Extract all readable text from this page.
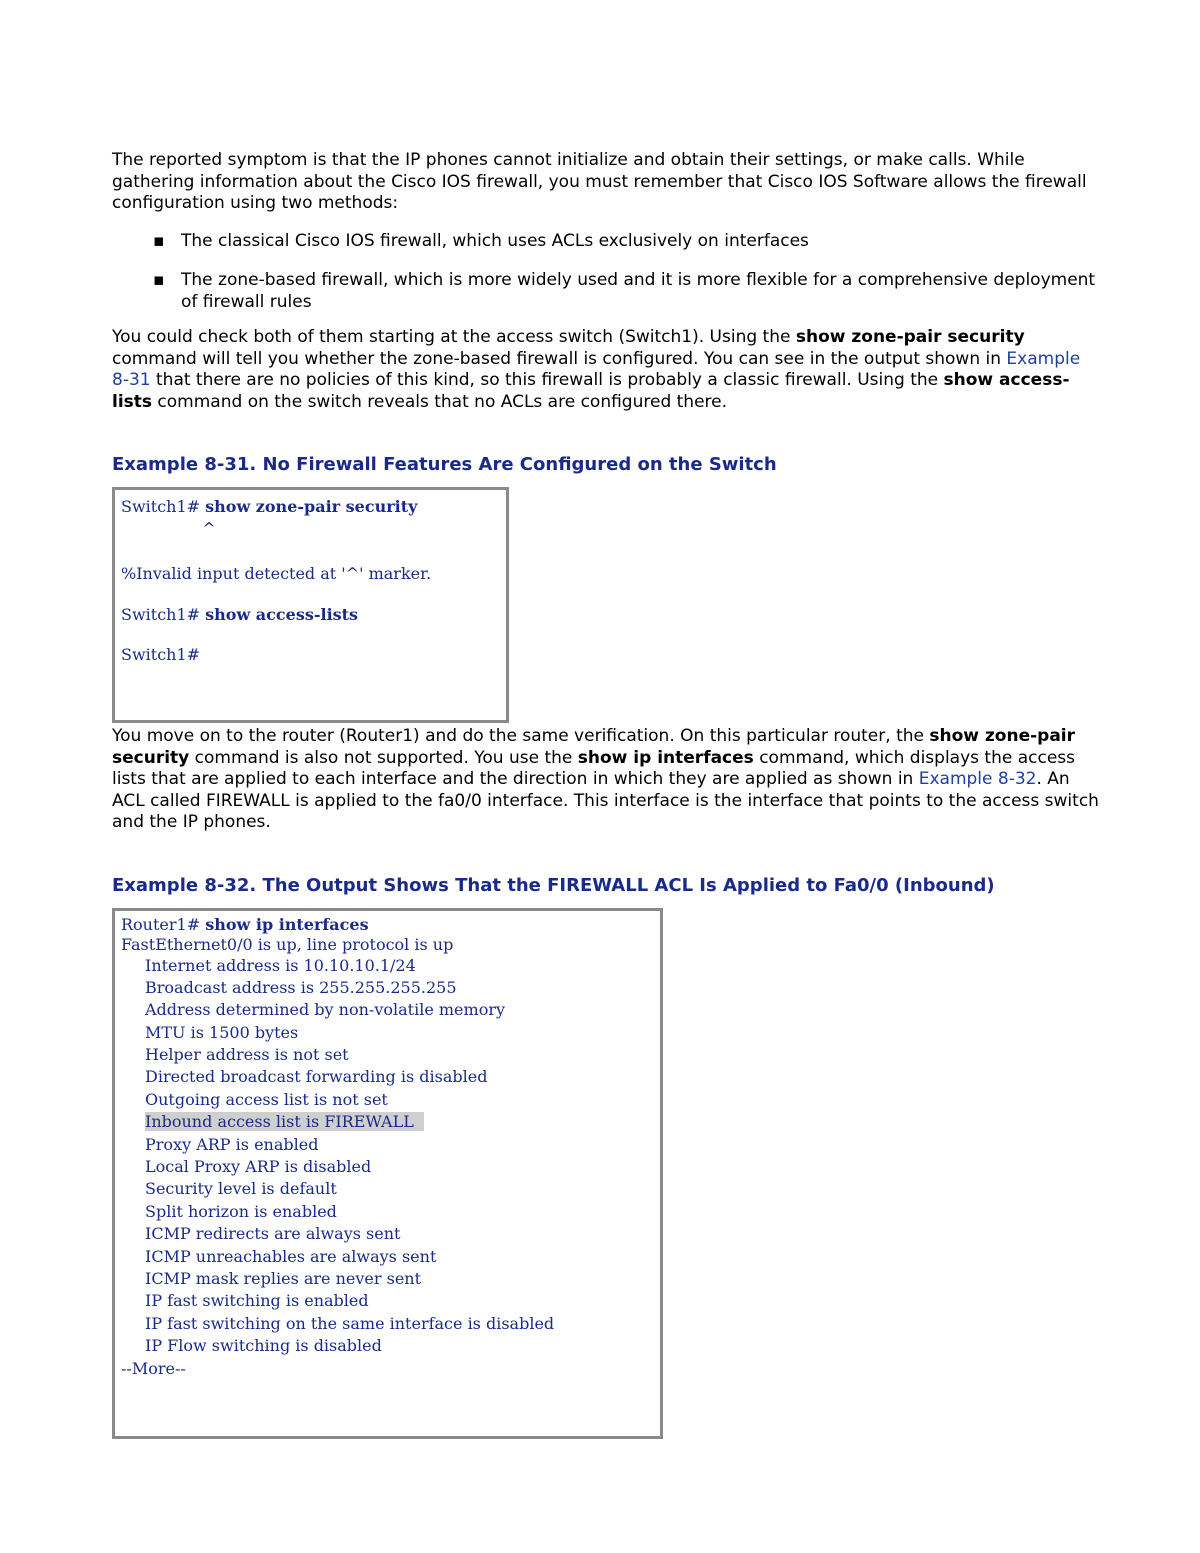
The reported symptom is that the IP phones cannot initialize and obtain their settings, or make calls. While gathering information about the Cisco IOS firewall, you must remember that Cisco IOS Software allows the firewall configuration using two methods:

▪ The classical Cisco IOS firewall, which uses ACLs exclusively on interfaces
▪ The zone-based firewall, which is more widely used and it is more flexible for a comprehensive deployment of firewall rules

You could check both of them starting at the access switch (Switch1). Using the show zone-pair security command will tell you whether the zone-based firewall is configured. You can see in the output shown in Example 8-31 that there are no policies of this kind, so this firewall is probably a classic firewall. Using the show access-lists command on the switch reveals that no ACLs are configured there.

Example 8-31. No Firewall Features Are Configured on the Switch
Switch1# show zone-pair security
^
%Invalid input detected at '^' marker.
Switch1# show access-lists
Switch1#

You move on to the router (Router1) and do the same verification. On this particular router, the show zone-pair security command is also not supported. You use the show ip interfaces command, which displays the access lists that are applied to each interface and the direction in which they are applied as shown in Example 8-32. An ACL called FIREWALL is applied to the fa0/0 interface. This interface is the interface that points to the access switch and the IP phones.

Example 8-32. The Output Shows That the FIREWALL ACL Is Applied to Fa0/0 (Inbound)
Router1# show ip interfaces
FastEthernet0/0 is up, line protocol is up
Internet address is 10.10.10.1/24
Broadcast address is 255.255.255.255
Address determined by non-volatile memory
MTU is 1500 bytes
Helper address is not set
Directed broadcast forwarding is disabled
Outgoing access list is not set
Inbound access list is FIREWALL
Proxy ARP is enabled
Local Proxy ARP is disabled
Security level is default
Split horizon is enabled
ICMP redirects are always sent
ICMP unreachables are always sent
ICMP mask replies are never sent
IP fast switching is enabled
IP fast switching on the same interface is disabled
IP Flow switching is disabled
--More--
